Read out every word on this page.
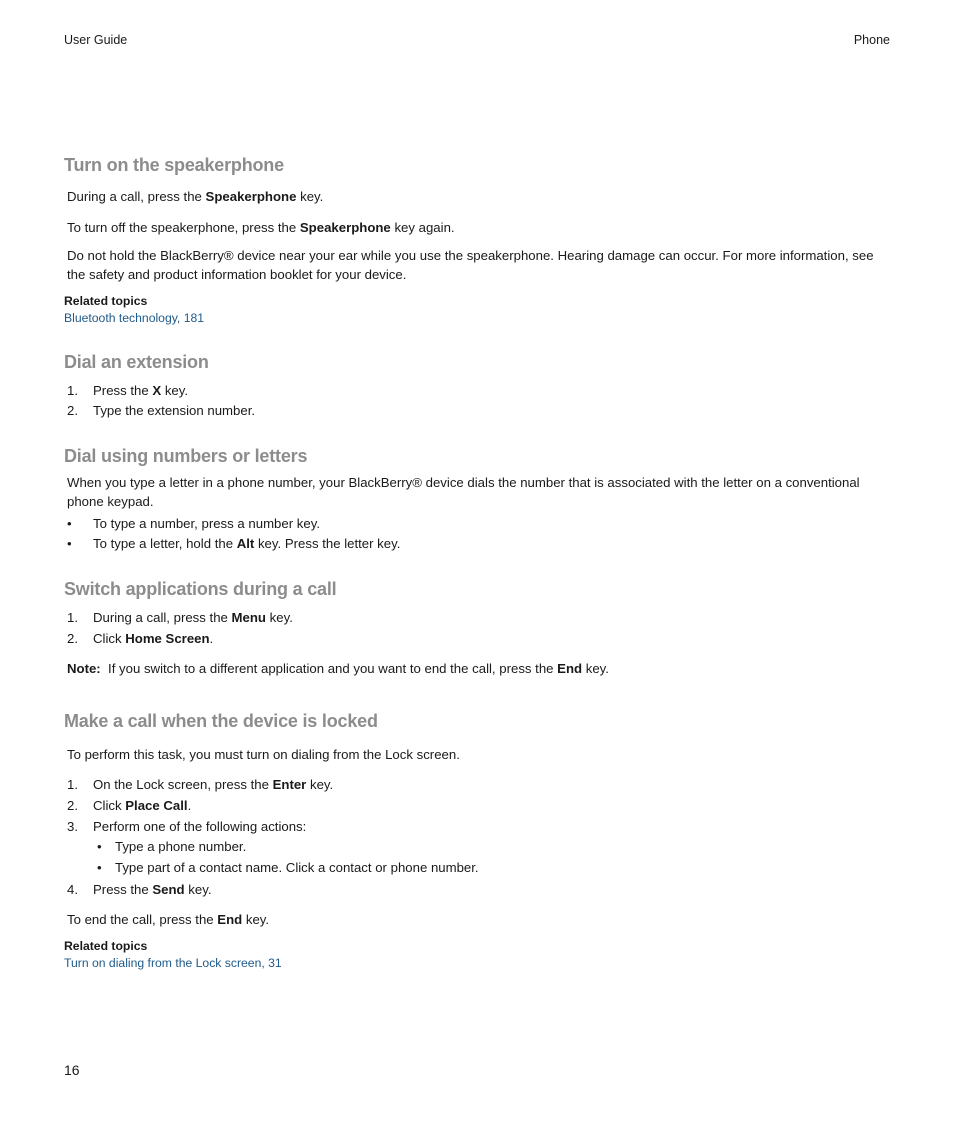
User Guide	Phone
Turn on the speakerphone

During a call, press the Speakerphone key.

To turn off the speakerphone, press the Speakerphone key again.

Do not hold the BlackBerry® device near your ear while you use the speakerphone. Hearing damage can occur. For more information, see the safety and product information booklet for your device.

Related topics
Bluetooth technology, 181
Dial an extension
1. Press the X key.
2. Type the extension number.
Dial using numbers or letters

When you type a letter in a phone number, your BlackBerry® device dials the number that is associated with the letter on a conventional phone keypad.

• To type a number, press a number key.
• To type a letter, hold the Alt key. Press the letter key.
Switch applications during a call
1. During a call, press the Menu key.
2. Click Home Screen.

Note:  If you switch to a different application and you want to end the call, press the End key.

Make a call when the device is locked

To perform this task, you must turn on dialing from the Lock screen.

1. On the Lock screen, press the Enter key.
2. Click Place Call.
3. Perform one of the following actions:
• Type a phone number.
• Type part of a contact name. Click a contact or phone number.
4. Press the Send key.

To end the call, press the End key.

Related topics
Turn on dialing from the Lock screen, 31
16
